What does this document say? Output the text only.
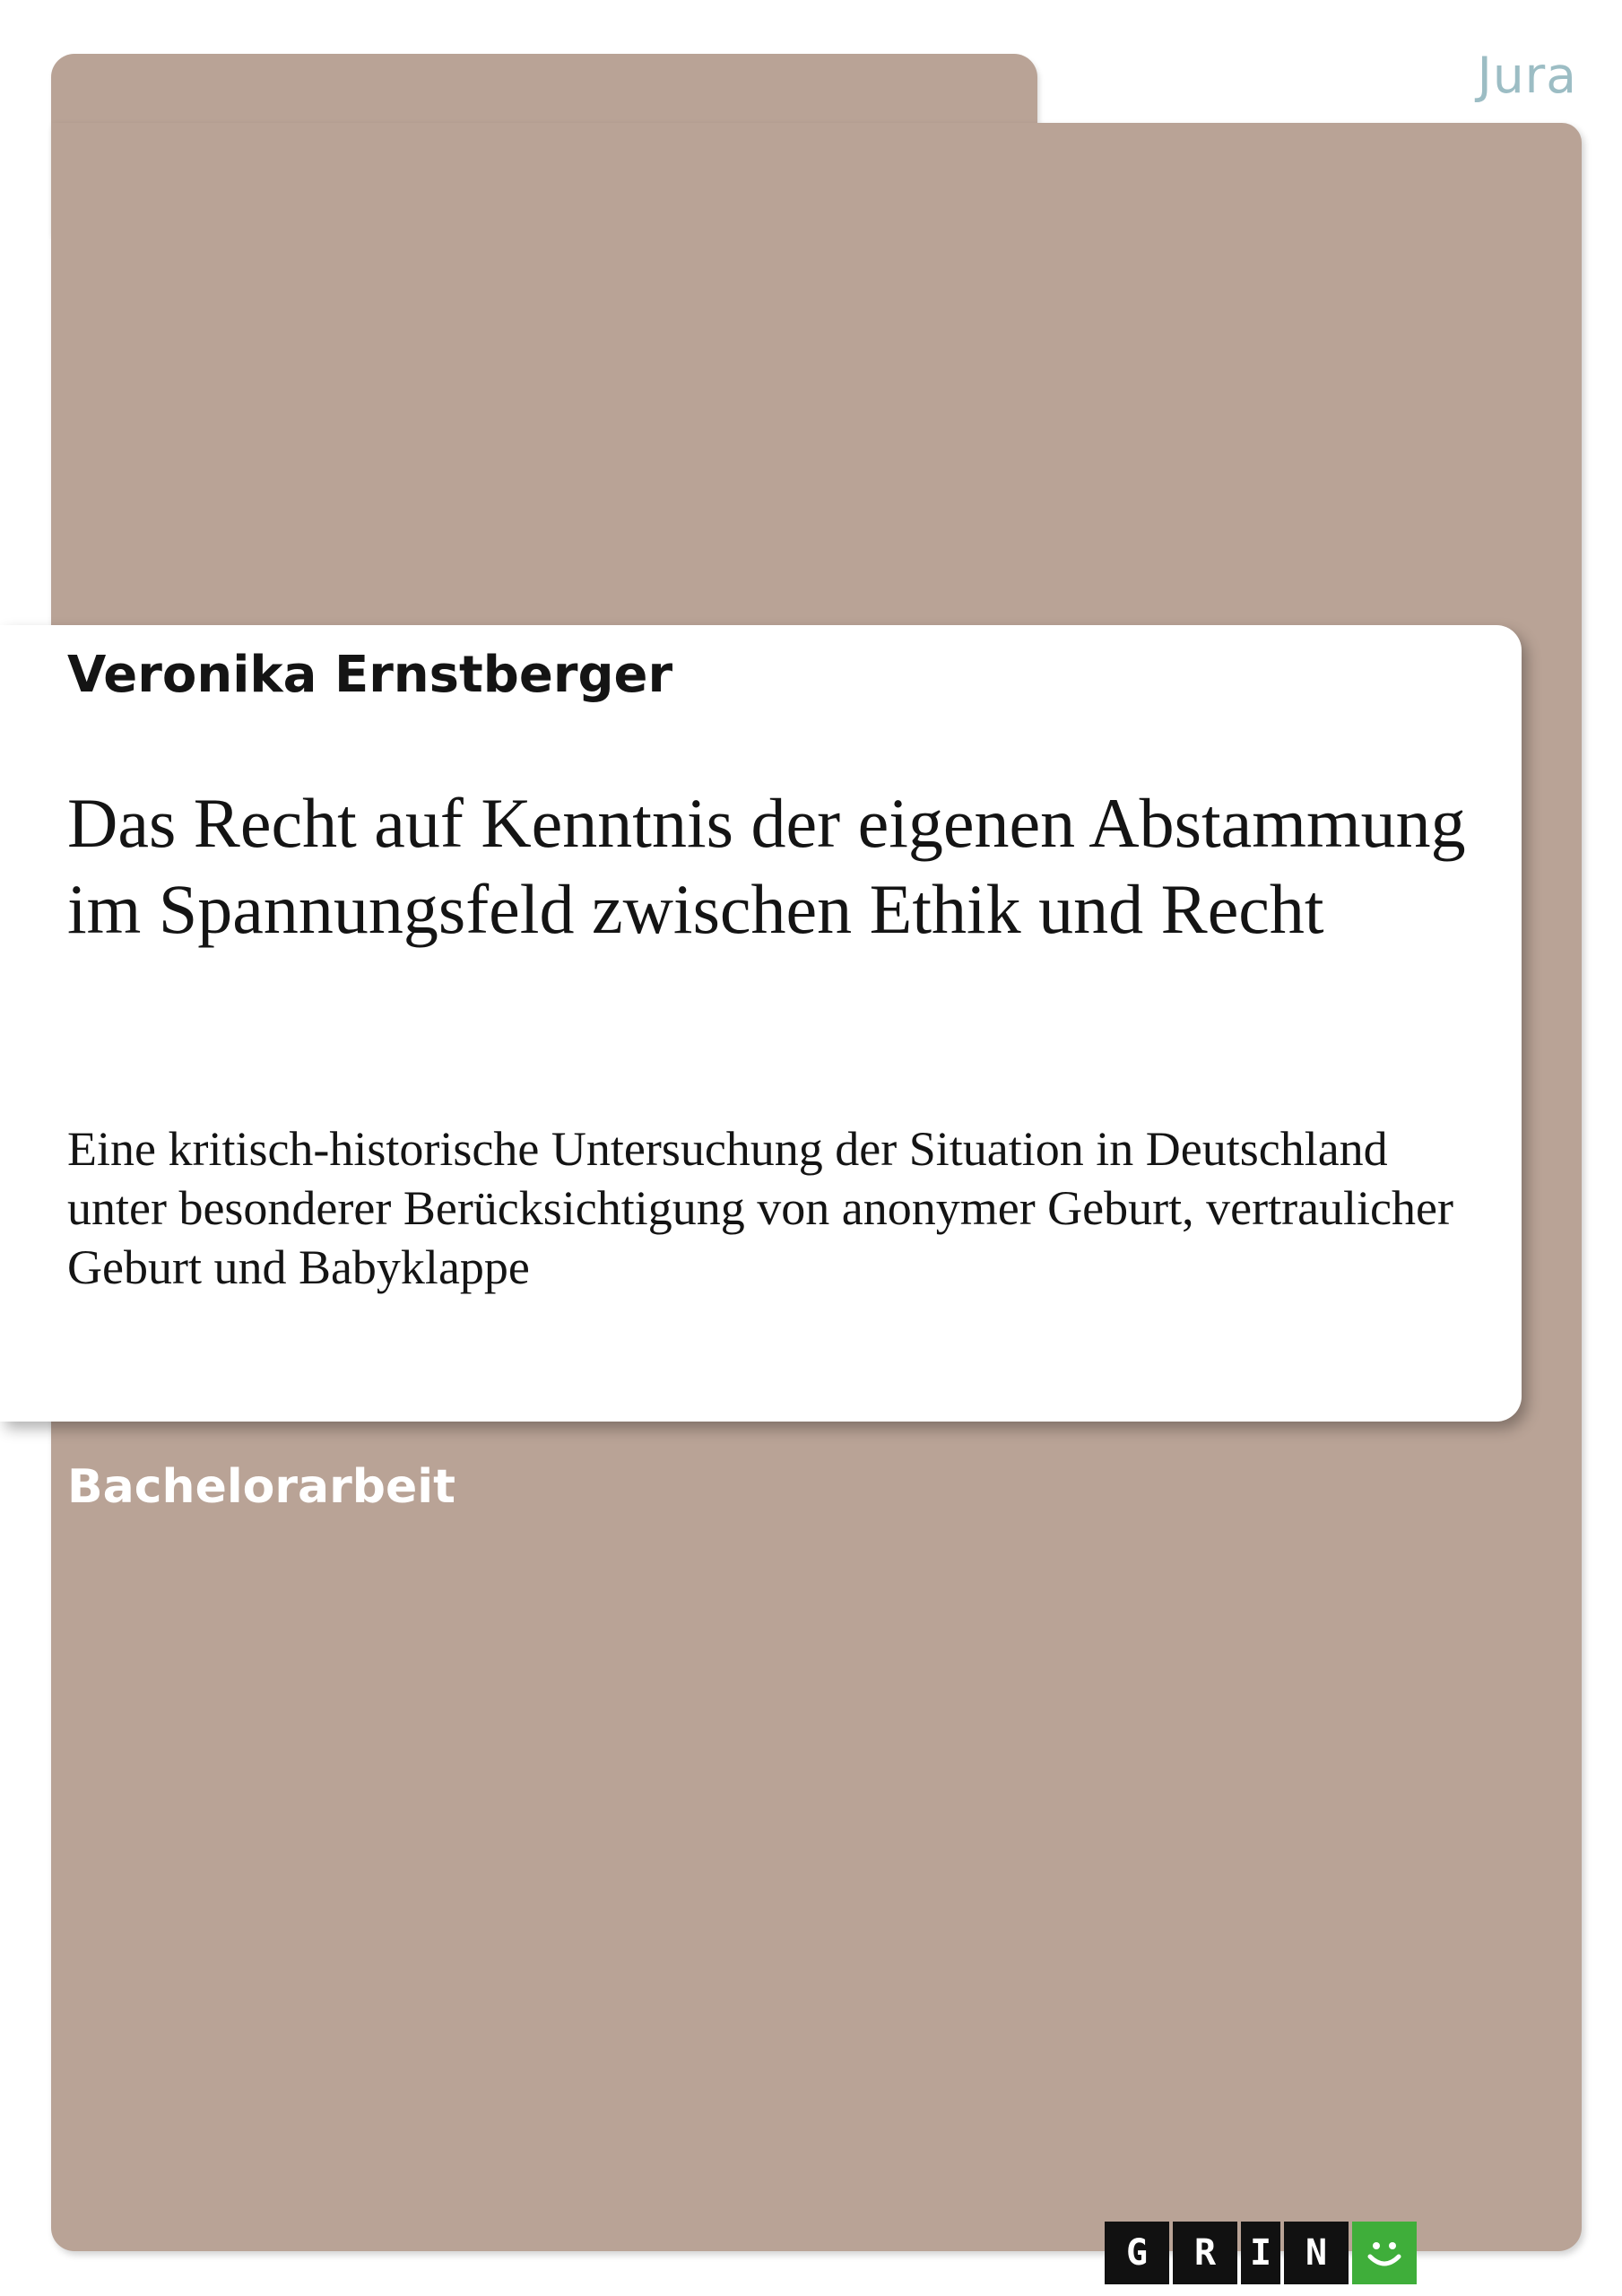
Jura
Veronika Ernstberger
Das Recht auf Kenntnis der eigenen Abstammung im Spannungsfeld zwischen Ethik und Recht

Eine kritisch-historische Untersuchung der Situation in Deutschland unter besonderer Berücksichtigung von anonymer Geburt, vertraulicher Geburt und Babyklappe

Bachelorarbeit
G	R I N
